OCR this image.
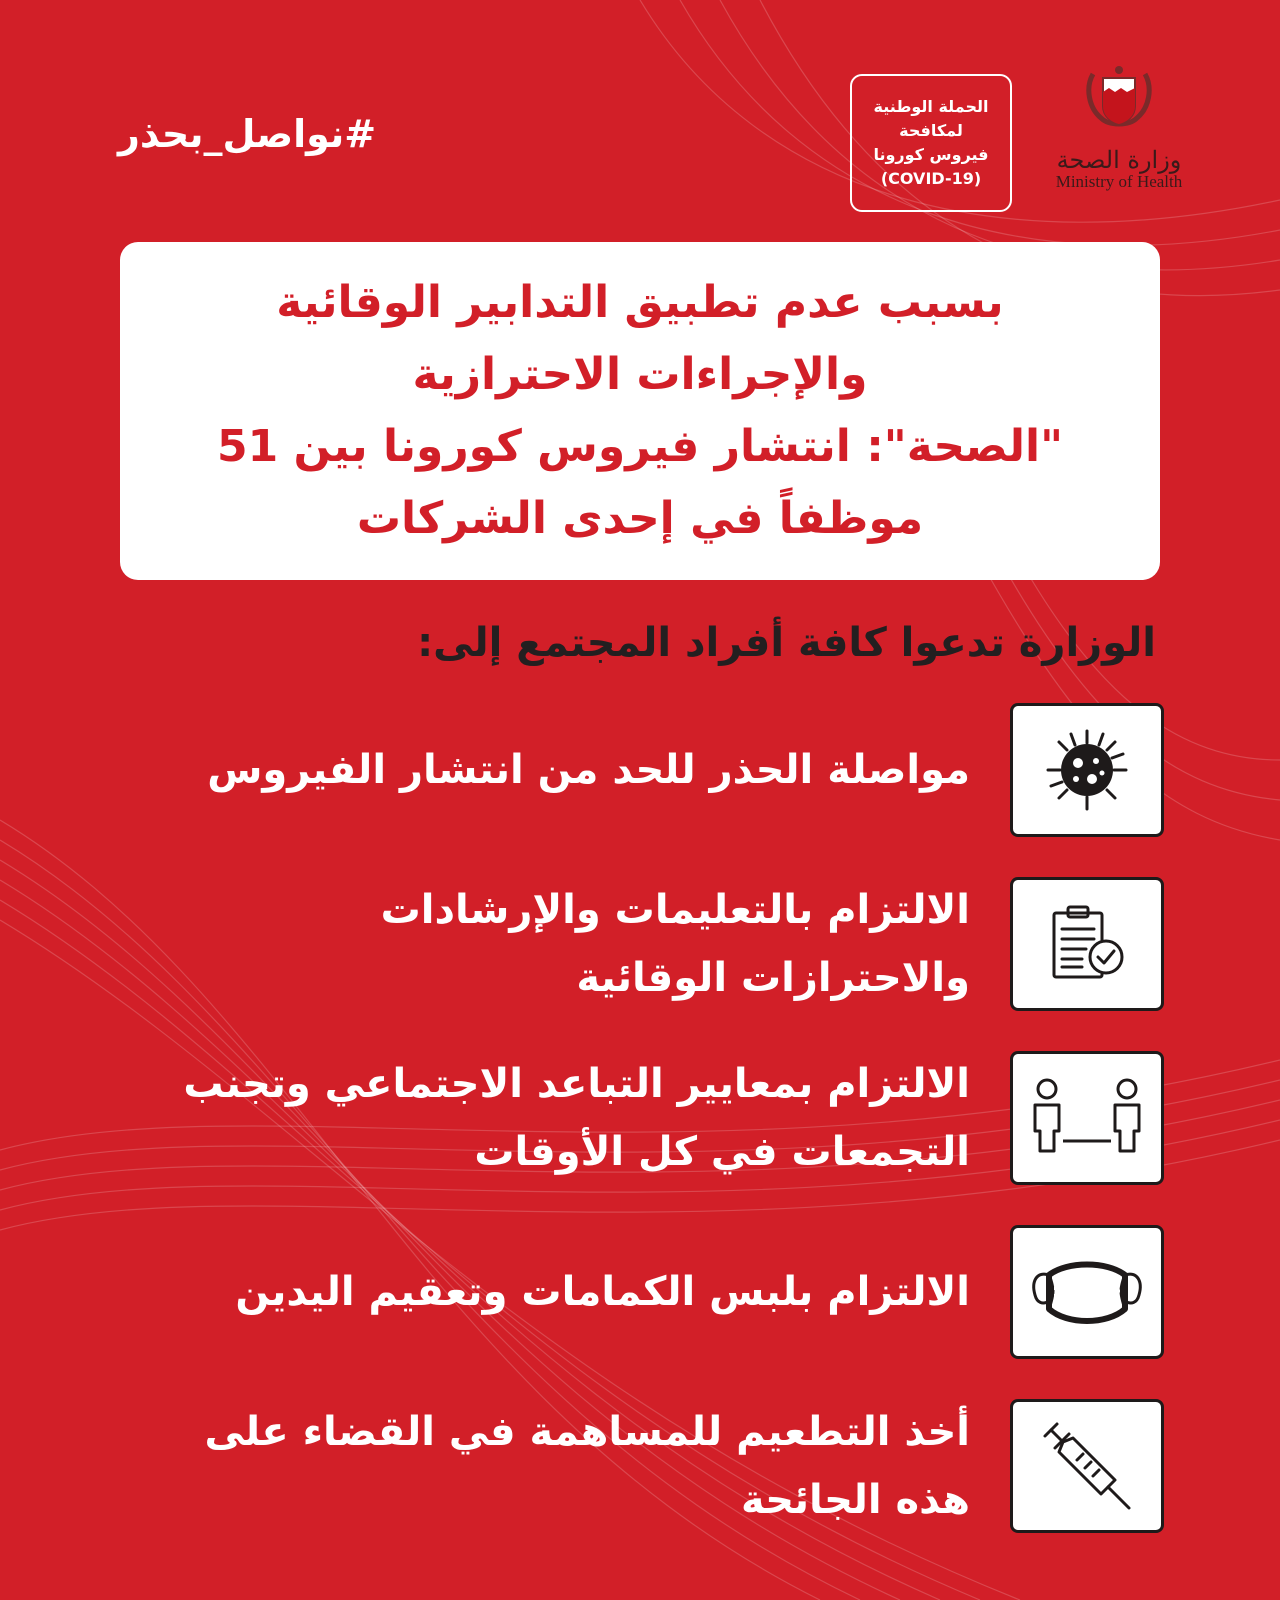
#نواصل_بحذر
الحملة الوطنية
لمكافحة
فيروس كورونا
(COVID-19)
وزارة الصحة
Ministry of Health
بسبب عدم تطبيق التدابير الوقائية
والإجراءات الاحترازية
"الصحة": انتشار فيروس كورونا بين 51
موظفاً في إحدى الشركات
الوزارة تدعوا كافة أفراد المجتمع إلى:
مواصلة الحذر للحد من انتشار الفيروس
الالتزام بالتعليمات والإرشادات
والاحترازات الوقائية
الالتزام بمعايير التباعد الاجتماعي وتجنب
التجمعات في كل الأوقات
الالتزام بلبس الكمامات وتعقيم اليدين
أخذ التطعيم للمساهمة في القضاء على
هذه الجائحة
